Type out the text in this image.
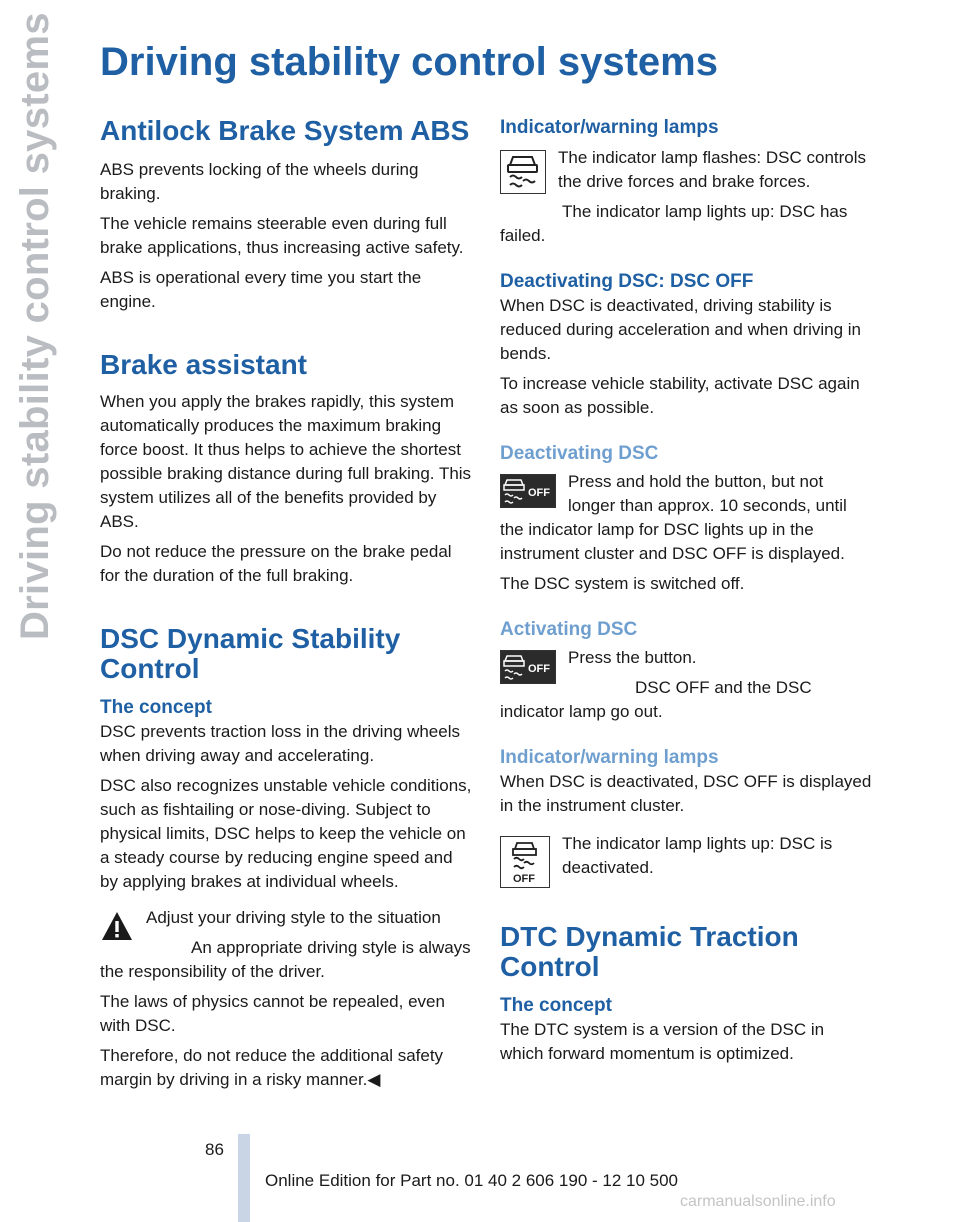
Driving stability control systems	Driving stability control systems
Antilock Brake System ABS

ABS prevents locking of the wheels during braking.

The vehicle remains steerable even during full brake applications, thus increasing active safety.

ABS is operational every time you start the engine.

Brake assistant

When you apply the brakes rapidly, this system automatically produces the maximum braking force boost. It thus helps to achieve the shortest possible braking distance during full braking. This system utilizes all of the benefits provided by ABS.

Do not reduce the pressure on the brake pedal for the duration of the full braking.

DSC Dynamic Stability Control
The concept

DSC prevents traction loss in the driving wheels when driving away and accelerating.

DSC also recognizes unstable vehicle conditions, such as fishtailing or nose-diving. Subject to physical limits, DSC helps to keep the vehicle on a steady course by reducing engine speed and by applying brakes at individual wheels.

Adjust your driving style to the situation

An appropriate driving style is always the responsibility of the driver.

The laws of physics cannot be repealed, even with DSC.

Therefore, do not reduce the additional safety margin by driving in a risky manner.◀

Indicator/warning lamps

The indicator lamp flashes: DSC controls the drive forces and brake forces.

The indicator lamp lights up: DSC has failed.

Deactivating DSC: DSC OFF

When DSC is deactivated, driving stability is reduced during acceleration and when driving in bends.

To increase vehicle stability, activate DSC again as soon as possible.

Deactivating DSC
OFF

Press and hold the button, but not longer than approx. 10 seconds, until the indicator lamp for DSC lights up in the instrument cluster and DSC OFF is displayed.

The DSC system is switched off.

Activating DSC
OFF

Press the button.

DSC OFF and the DSC indicator lamp go out.

Indicator/warning lamps

When DSC is deactivated, DSC OFF is displayed in the instrument cluster.

OFF

The indicator lamp lights up: DSC is deactivated.

DTC Dynamic Traction Control
The concept

The DTC system is a version of the DSC in which forward momentum is optimized.

86
Online Edition for Part no. 01 40 2 606 190 - 12 10 500
carmanualsonline.info
